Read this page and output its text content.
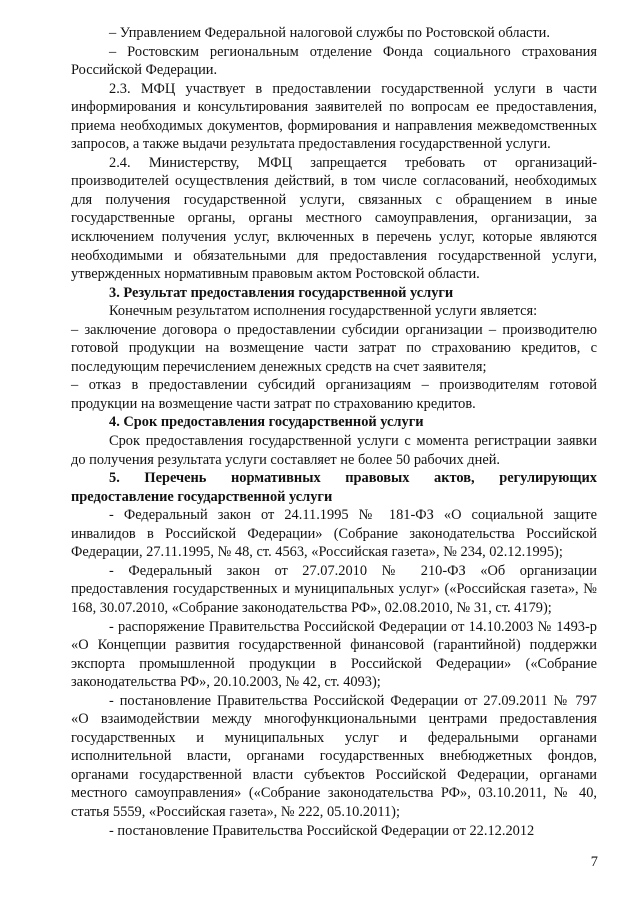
– Управлением Федеральной налоговой службы по Ростовской области.

– Ростовским региональным отделение Фонда социального страхования Российской Федерации.

2.3. МФЦ участвует в предоставлении государственной услуги в части информирования и консультирования заявителей по вопросам ее предоставления, приема необходимых документов, формирования и направления межведомственных запросов, а также выдачи результата предоставления государственной услуги.

2.4. Министерству, МФЦ запрещается требовать от организаций-производителей осуществления действий, в том числе согласований, необходимых для получения государственной услуги, связанных с обращением в иные государственные органы, органы местного самоуправления, организации, за исключением получения услуг, включенных в перечень услуг, которые являются необходимыми и обязательными для предоставления государственной услуги, утвержденных нормативным правовым актом Ростовской области.

3. Результат предоставления государственной услуги

Конечным результатом исполнения государственной услуги является:

– заключение договора о предоставлении субсидии организации – производителю готовой продукции на возмещение части затрат по страхованию кредитов, с последующим перечислением денежных средств на счет заявителя;

– отказ в предоставлении субсидий организациям – производителям готовой продукции на возмещение части затрат по страхованию кредитов.

4. Срок предоставления государственной услуги

Срок предоставления государственной услуги с момента регистрации заявки до получения результата услуги составляет не более 50 рабочих дней.

5. Перечень нормативных правовых актов, регулирующих предоставление государственной услуги

- Федеральный закон от 24.11.1995 № 181-ФЗ «О социальной защите инвалидов в Российской Федерации» (Собрание законодательства Российской Федерации, 27.11.1995, № 48, ст. 4563, «Российская газета», № 234, 02.12.1995);

- Федеральный закон от 27.07.2010 № 210-ФЗ «Об организации предоставления государственных и муниципальных услуг» («Российская газета», № 168, 30.07.2010, «Собрание законодательства РФ», 02.08.2010, № 31, ст. 4179);

- распоряжение Правительства Российской Федерации от 14.10.2003 № 1493-р «О Концепции развития государственной финансовой (гарантийной) поддержки экспорта промышленной продукции в Российской Федерации» («Собрание законодательства РФ», 20.10.2003, № 42, ст. 4093);

- постановление Правительства Российской Федерации от 27.09.2011 № 797 «О взаимодействии между многофункциональными центрами предоставления государственных и муниципальных услуг и федеральными органами исполнительной власти, органами государственных внебюджетных фондов, органами государственной власти субъектов Российской Федерации, органами местного самоуправления» («Собрание законодательства РФ», 03.10.2011, № 40, статья 5559, «Российская газета», № 222, 05.10.2011);

- постановление Правительства Российской Федерации от 22.12.2012

7
